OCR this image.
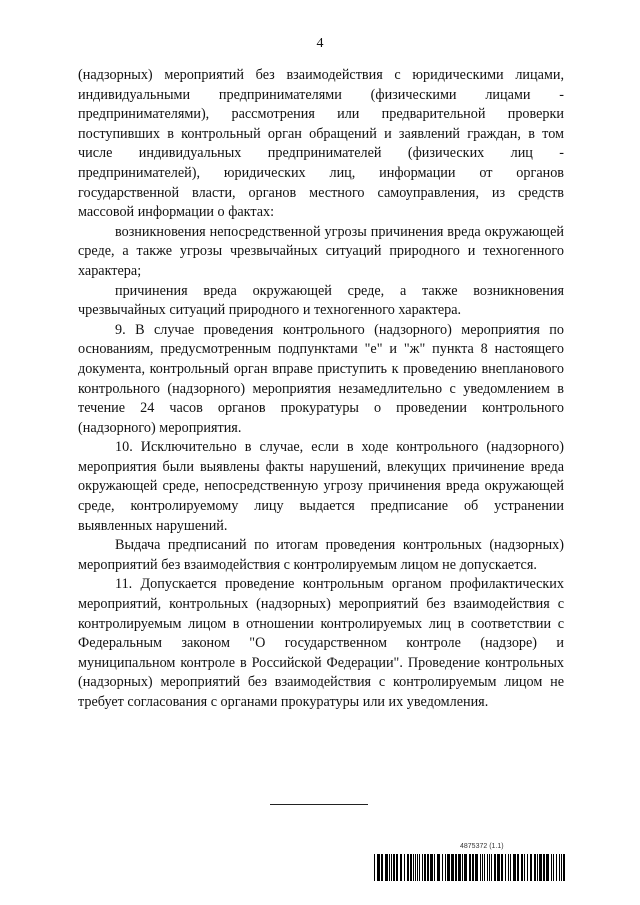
4

(надзорных) мероприятий без взаимодействия с юридическими лицами, индивидуальными предпринимателями (физическими лицами - предпринимателями), рассмотрения или предварительной проверки поступивших в контрольный орган обращений и заявлений граждан, в том числе индивидуальных предпринимателей (физических лиц - предпринимателей), юридических лиц, информации от органов государственной власти, органов местного самоуправления, из средств массовой информации о фактах:

возникновения непосредственной угрозы причинения вреда окружающей среде, а также угрозы чрезвычайных ситуаций природного и техногенного характера;

причинения вреда окружающей среде, а также возникновения чрезвычайных ситуаций природного и техногенного характера.

9. В случае проведения контрольного (надзорного) мероприятия по основаниям, предусмотренным подпунктами "е" и "ж" пункта 8 настоящего документа, контрольный орган вправе приступить к проведению внепланового контрольного (надзорного) мероприятия незамедлительно с уведомлением в течение 24 часов органов прокуратуры о проведении контрольного (надзорного) мероприятия.

10. Исключительно в случае, если в ходе контрольного (надзорного) мероприятия были выявлены факты нарушений, влекущих причинение вреда окружающей среде, непосредственную угрозу причинения вреда окружающей среде, контролируемому лицу выдается предписание об устранении выявленных нарушений.

Выдача предписаний по итогам проведения контрольных (надзорных) мероприятий без взаимодействия с контролируемым лицом не допускается.

11. Допускается проведение контрольным органом профилактических мероприятий, контрольных (надзорных) мероприятий без взаимодействия с контролируемым лицом в отношении контролируемых лиц в соответствии с Федеральным законом "О государственном контроле (надзоре) и муниципальном контроле в Российской Федерации". Проведение контрольных (надзорных) мероприятий без взаимодействия с контролируемым лицом не требует согласования с органами прокуратуры или их уведомления.

4875372 (1.1)
